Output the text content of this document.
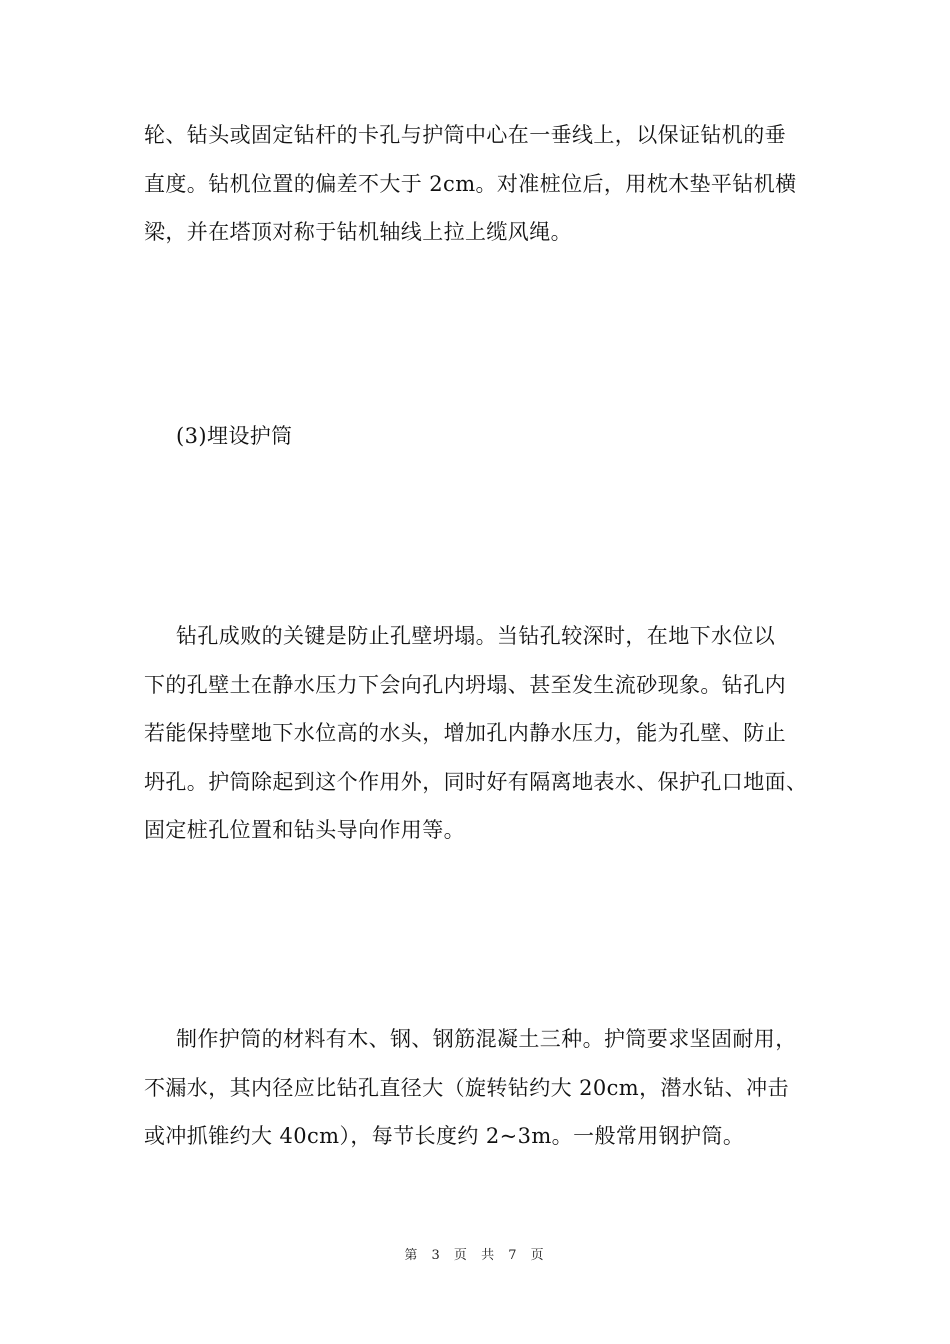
轮、钻头或固定钻杆的卡孔与护筒中心在一垂线上，以保证钻机的垂
直度。钻机位置的偏差不大于 2cm。对准桩位后，用枕木垫平钻机横
梁，并在塔顶对称于钻机轴线上拉上缆风绳。
(3)埋设护筒
钻孔成败的关键是防止孔壁坍塌。当钻孔较深时，在地下水位以
下的孔壁土在静水压力下会向孔内坍塌、甚至发生流砂现象。钻孔内
若能保持壁地下水位高的水头，增加孔内静水压力，能为孔壁、防止
坍孔。护筒除起到这个作用外，同时好有隔离地表水、保护孔口地面、
固定桩孔位置和钻头导向作用等。
制作护筒的材料有木、钢、钢筋混凝土三种。护筒要求坚固耐用，
不漏水，其内径应比钻孔直径大（旋转钻约大 20cm，潜水钻、冲击
或冲抓锥约大 40cm），每节长度约 2~3m。一般常用钢护筒。
第 3 页 共 7 页
